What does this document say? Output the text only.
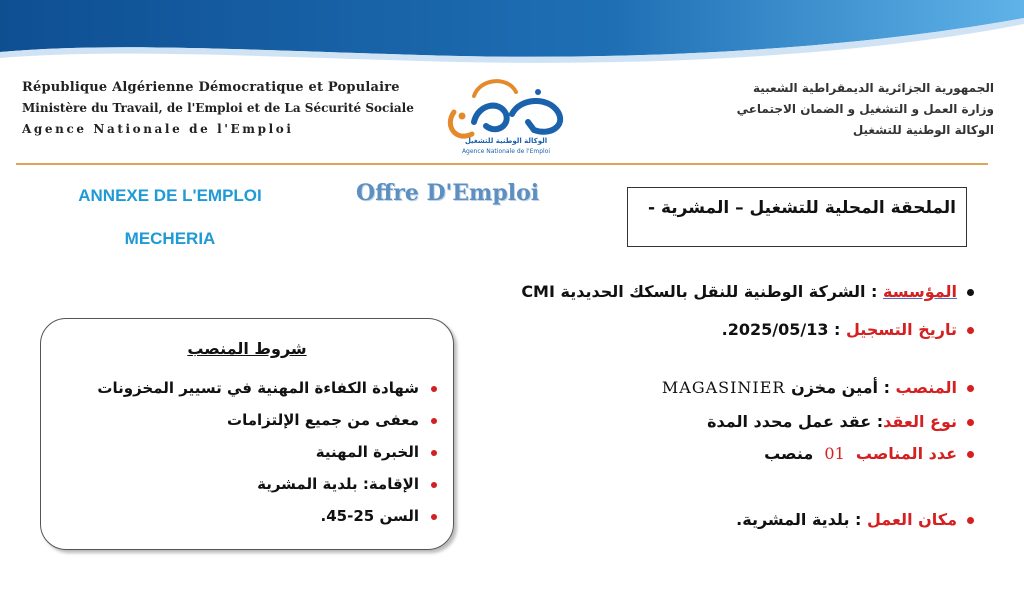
République Algérienne Démocratique et Populaire
Ministère du Travail, de l'Emploi et de La Sécurité Sociale
Agence Nationale de l'Emploi
الجمهورية الجزائرية الديمقراطية الشعبية
وزارة العمل و التشغيل و الضمان الاجتماعي
الوكالة الوطنية للتشغيل
الوكالة الوطنية للتشغيل
Agence Nationale de l'Emploi
ANNEXE DE L'EMPLOI
MECHERIA
Offre D'Emploi
الملحقة المحلية للتشغيل – المشرية -
المؤسسة : الشركة الوطنية للنقل بالسكك الحديدية CMI
تاريخ التسجيل : 2025/05/13.
المنصب : أمين مخزن MAGASINIER
نوع العقد: عقد عمل محدد المدة
عدد المناصب  01  منصب
مكان العمل : بلدية المشرية.
شروط المنصب
شهادة الكفاءة المهنية في تسيير المخزونات
معفى من جميع الإلتزامات
الخبرة المهنية
الإقامة: بلدية المشرية
السن 25-45.
